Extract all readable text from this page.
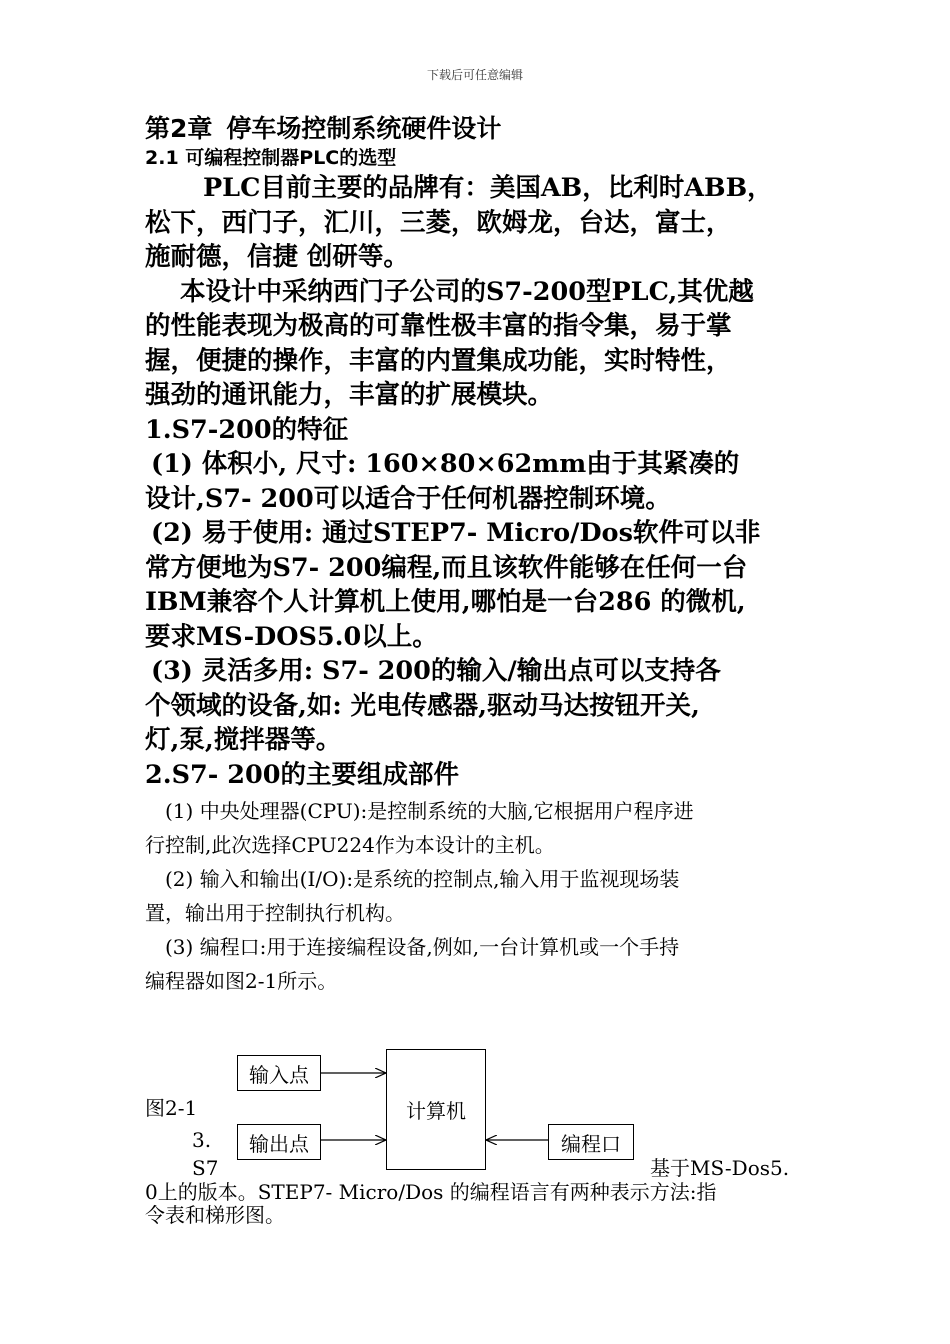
下载后可任意编辑

第2章 停车场控制系统硬件设计

2.1 可编程控制器PLC的选型

PLC目前主要的品牌有：美国AB，比利时ABB，

松下，西门子，汇川，三菱，欧姆龙，台达，富士，

施耐德，信捷 创研等。

本设计中采纳西门子公司的S7-200型PLC,其优越

的性能表现为极高的可靠性极丰富的指令集，易于掌

握，便捷的操作，丰富的内置集成功能，实时特性，

强劲的通讯能力，丰富的扩展模块。

1.S7-200的特征

(1) 体积小, 尺寸: 160×80×62mm由于其紧凑的

设计,S7- 200可以适合于任何机器控制环境。

(2) 易于使用: 通过STEP7- Micro/Dos软件可以非

常方便地为S7- 200编程,而且该软件能够在任何一台

IBM兼容个人计算机上使用,哪怕是一台286 的微机,

要求MS-DOS5.0以上。

(3) 灵活多用: S7- 200的输入/输出点可以支持各

个领域的设备,如: 光电传感器,驱动马达按钮开关,

灯,泵,搅拌器等。

2.S7- 200的主要组成部件

(1) 中央处理器(CPU):是控制系统的大脑,它根据用户程序进

行控制,此次选择CPU224作为本设计的主机。

(2) 输入和输出(I/O):是系统的控制点,输入用于监视现场装

置，输出用于控制执行机构。

(3) 编程口:用于连接编程设备,例如,一台计算机或一个手持

编程器如图2-1所示。

输入点
输出点
计算机
编程口
图2-1
3.
S7	基于MS-Dos5.
0上的版本。STEP7- Micro/Dos 的编程语言有两种表示方法:指
令表和梯形图。
